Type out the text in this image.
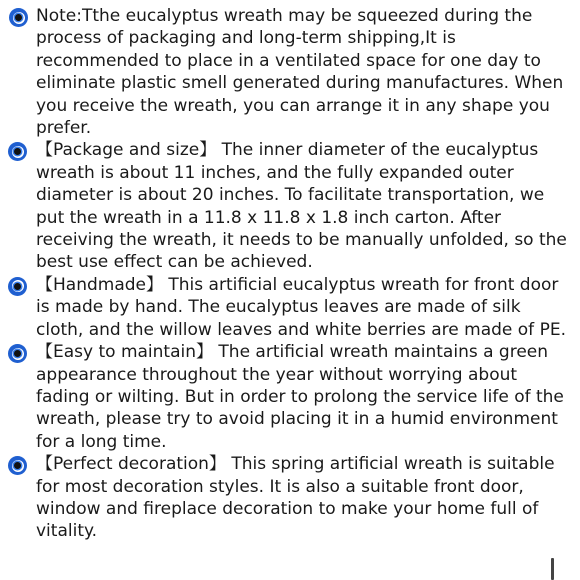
Note:Tthe eucalyptus wreath may be squeezed during the process of packaging and long-term shipping,It is recommended to place in a ventilated space for one day to eliminate plastic smell generated during manufactures. When you receive the wreath, you can arrange it in any shape you prefer.

【Package and size】 The inner diameter of the eucalyptus wreath is about 11 inches, and the fully expanded outer diameter is about 20 inches. To facilitate transportation, we put the wreath in a 11.8 x 11.8 x 1.8 inch carton. After receiving the wreath, it needs to be manually unfolded, so the best use effect can be achieved.

【Handmade】 This artificial eucalyptus wreath for front door is made by hand. The eucalyptus leaves are made of silk cloth, and the willow leaves and white berries are made of PE.

【Easy to maintain】 The artificial wreath maintains a green appearance throughout the year without worrying about fading or wilting. But in order to prolong the service life of the wreath, please try to avoid placing it in a humid environment for a long time.

【Perfect decoration】 This spring artificial wreath is suitable for most decoration styles. It is also a suitable front door, window and fireplace decoration to make your home full of vitality.
